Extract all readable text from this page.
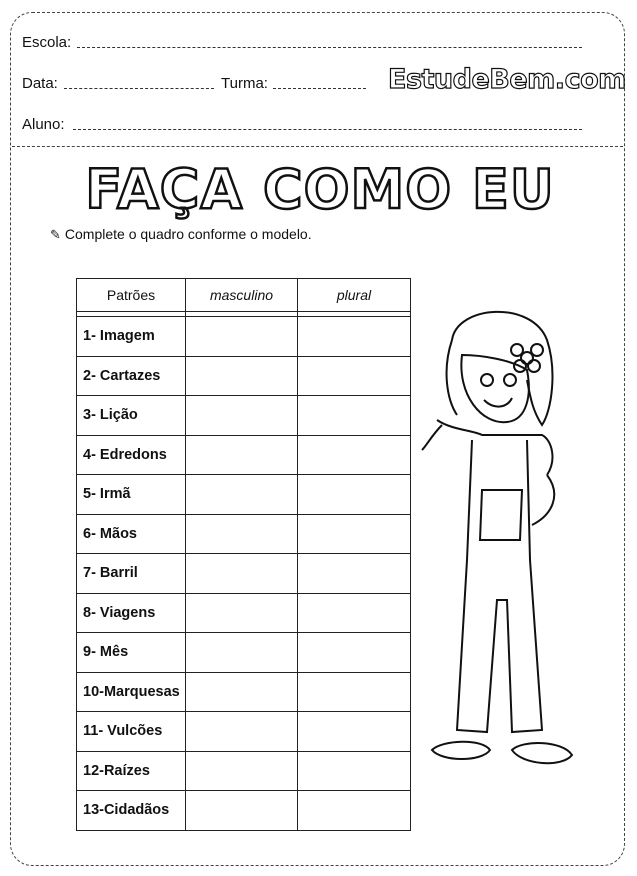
Escola:
Data:	Turma:	EstudeBem.com
Aluno:
FAÇA COMO EU
✎ Complete o quadro conforme o modelo.
Patrões	masculino	plural

1- Imagem		
2- Cartazes		
3- Lição		
4- Edredons		
5- Irmã		
6- Mãos		
7- Barril		
8- Viagens		
9- Mês		
10-Marquesas		
11- Vulcões		
12-Raízes		
13-Cidadãos		
